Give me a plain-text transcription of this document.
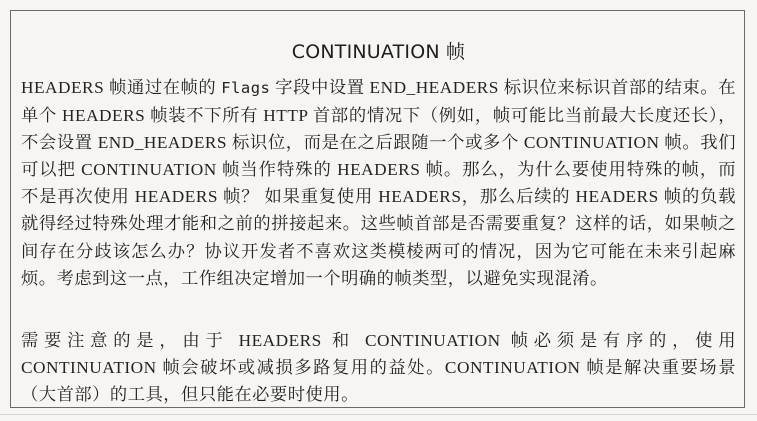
CONTINUATION 帧

HEADERS 帧通过在帧的 Flags 字段中设置 END_HEADERS 标识位来标识首部的结束。在单个 HEADERS 帧装不下所有 HTTP 首部的情况下（例如，帧可能比当前最大长度还长），不会设置 END_HEADERS 标识位，而是在之后跟随一个或多个 CONTINUATION 帧。我们可以把 CONTINUATION 帧当作特殊的 HEADERS 帧。那么，为什么要使用特殊的帧，而不是再次使用 HEADERS 帧？ 如果重复使用 HEADERS，那么后续的 HEADERS 帧的负载就得经过特殊处理才能和之前的拼接起来。这些帧首部是否需要重复？这样的话，如果帧之间存在分歧该怎么办？协议开发者不喜欢这类模棱两可的情况，因为它可能在未来引起麻烦。考虑到这一点，工作组决定增加一个明确的帧类型，以避免实现混淆。

需要注意的是，由于 HEADERS 和 CONTINUATION 帧必须是有序的，使用 CONTINUATION 帧会破坏或减损多路复用的益处。CONTINUATION 帧是解决重要场景（大首部）的工具，但只能在必要时使用。
